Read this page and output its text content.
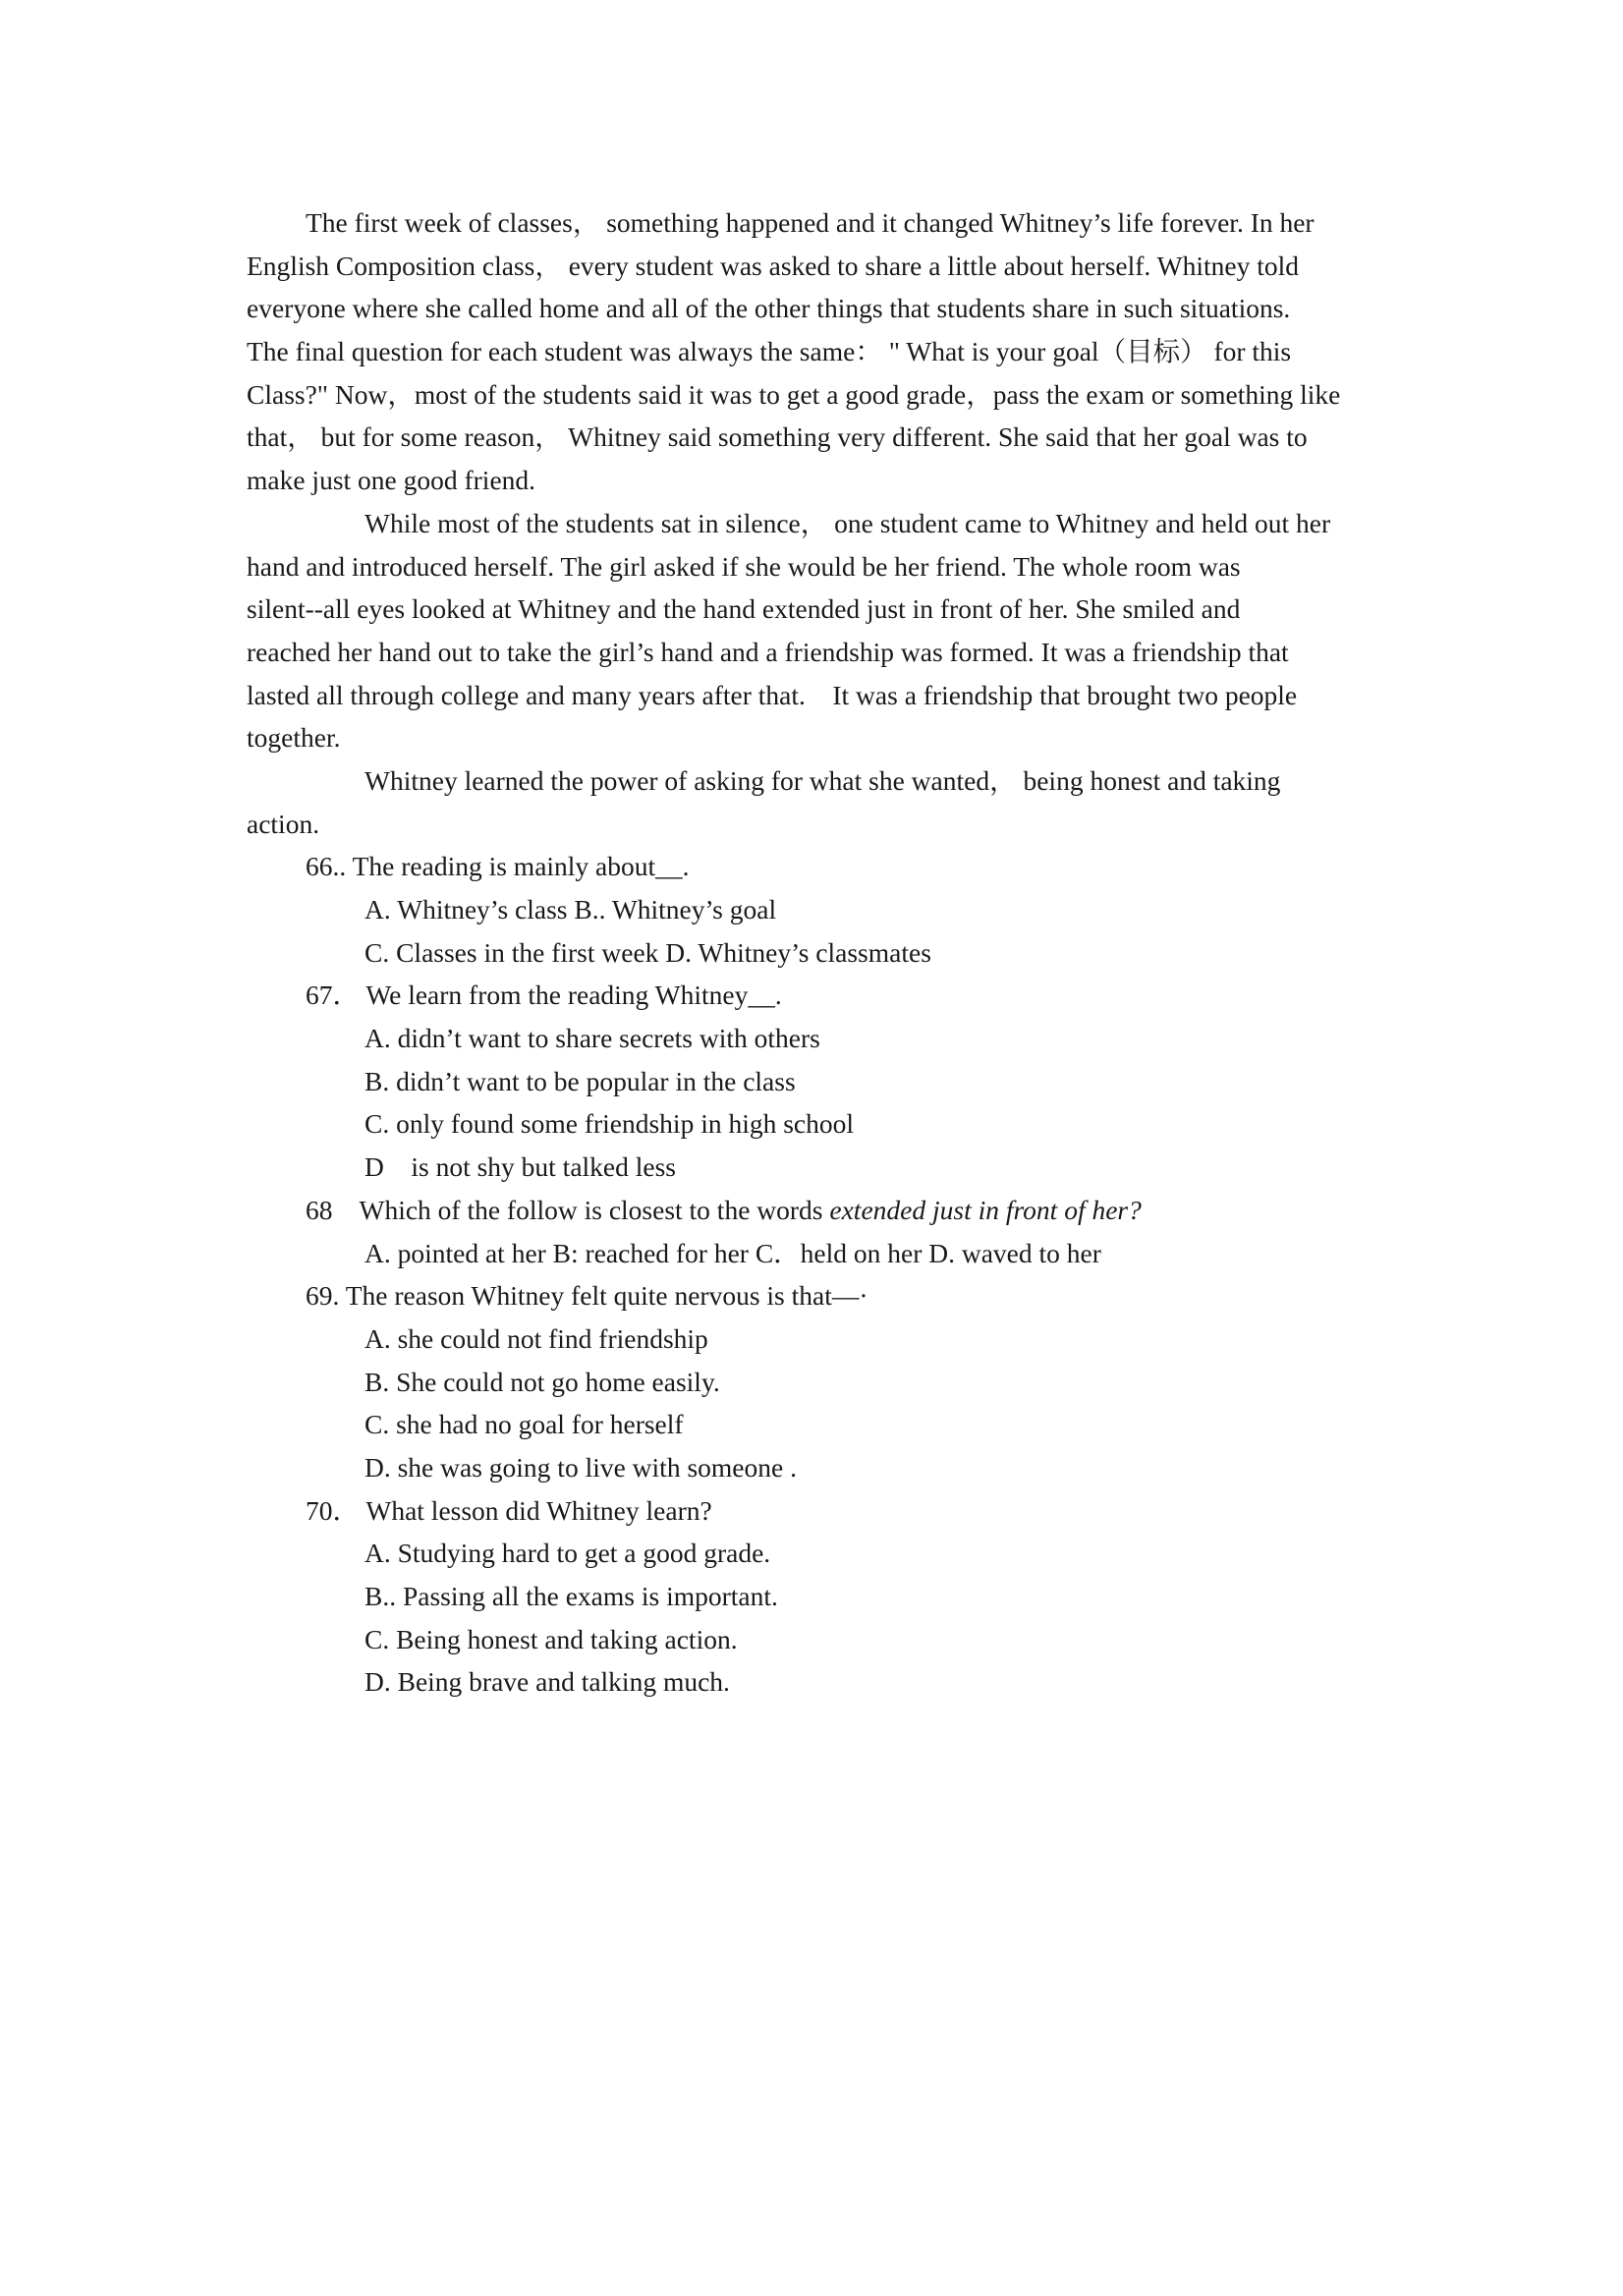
The first week of classes， something happened and it changed Whitney’s life forever. In her
English Composition class， every student was asked to share a little about herself. Whitney told
everyone where she called home and all of the other things that students share in such situations.
The final question for each student was always the same： " What is your goal（目标） for this
Class?" Now，most of the students said it was to get a good grade，pass the exam or something like
that， but for some reason， Whitney said something very different. She said that her goal was to
make just one good friend.
While most of the students sat in silence， one student came to Whitney and held out her
hand and introduced herself. The girl asked if she would be her friend. The whole room was
silent--all eyes looked at Whitney and the hand extended just in front of her. She smiled and
reached her hand out to take the girl’s hand and a friendship was formed. It was a friendship that
lasted all through college and many years after that.    It was a friendship that brought two people
together.
Whitney learned the power of asking for what she wanted， being honest and taking
action.
66.. The reading is mainly about__.
A. Whitney’s class B.. Whitney’s goal
C. Classes in the first week D. Whitney’s classmates
67． We learn from the reading Whitney__.
A. didn’t want to share secrets with others
B. didn’t want to be popular in the class
C. only found some friendship in high school
D    is not shy but talked less
68    Which of the follow is closest to the words extended just in front of her?
A. pointed at her B: reached for her C．held on her D. waved to her
69. The reason Whitney felt quite nervous is that—·
A. she could not find friendship
B. She could not go home easily.
C. she had no goal for herself
D. she was going to live with someone .
70． What lesson did Whitney learn?
A. Studying hard to get a good grade.
B.. Passing all the exams is important.
C. Being honest and taking action.
D. Being brave and talking much.
